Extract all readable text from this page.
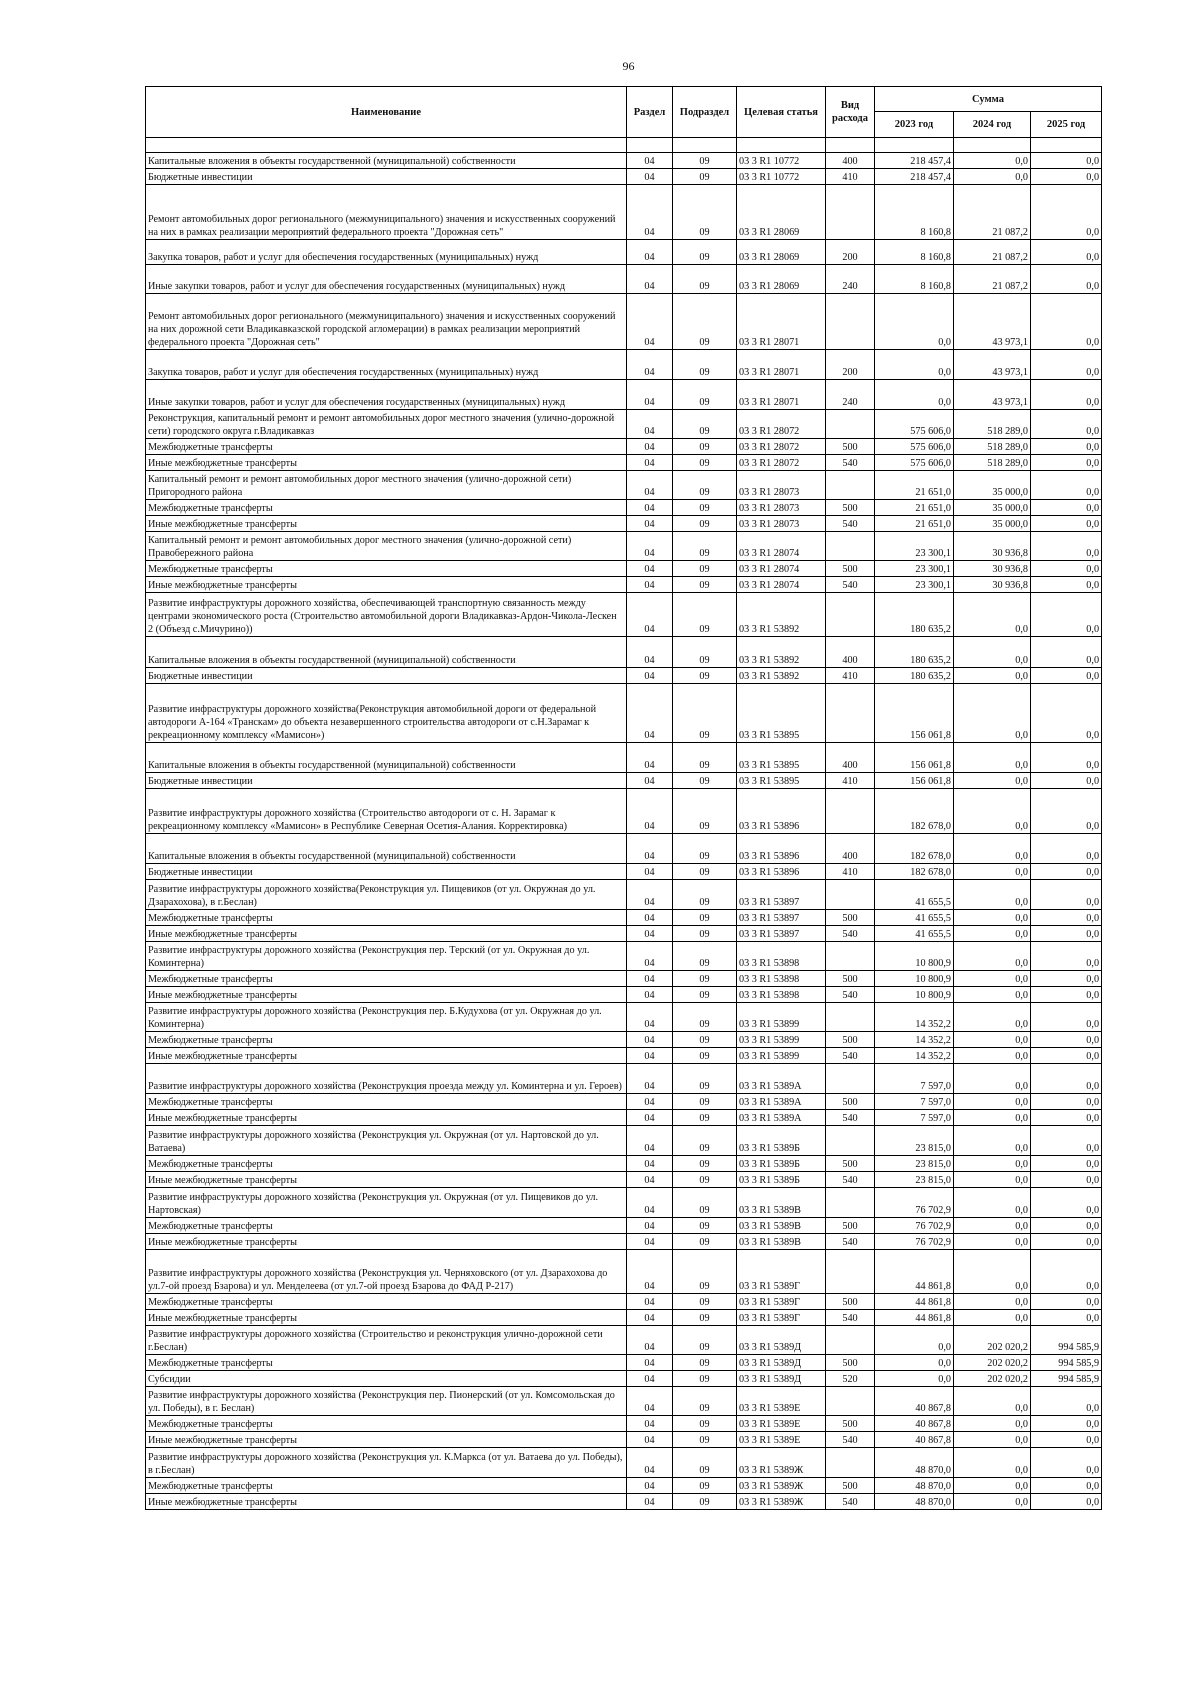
96
Наименование	Раздел	Подраздел	Целевая статья	Вид расхода	Сумма		
					2023 год	2024 год	2025 год

Капитальные вложения в объекты государственной (муниципальной) собственности	04	09	03 3 R1 10772	400	218 457,4	0,0	0,0
Бюджетные инвестиции	04	09	03 3 R1 10772	410	218 457,4	0,0	0,0
Ремонт автомобильных дорог регионального (межмуниципального) значения и искусственных сооружений на них в рамках реализации мероприятий федерального проекта "Дорожная сеть"	04	09	03 3 R1 28069		8 160,8	21 087,2	0,0
Закупка товаров, работ и услуг для обеспечения государственных (муниципальных) нужд	04	09	03 3 R1 28069	200	8 160,8	21 087,2	0,0
Иные закупки товаров, работ и услуг для обеспечения государственных (муниципальных) нужд	04	09	03 3 R1 28069	240	8 160,8	21 087,2	0,0
Ремонт автомобильных дорог регионального (межмуниципального) значения и искусственных сооружений на них дорожной сети Владикавказской городской агломерации) в рамках реализации мероприятий федерального проекта "Дорожная сеть"	04	09	03 3 R1 28071		0,0	43 973,1	0,0
Закупка товаров, работ и услуг для обеспечения государственных (муниципальных) нужд	04	09	03 3 R1 28071	200	0,0	43 973,1	0,0
Иные закупки товаров, работ и услуг для обеспечения государственных (муниципальных) нужд	04	09	03 3 R1 28071	240	0,0	43 973,1	0,0
Реконструкция, капитальный ремонт и ремонт автомобильных дорог местного значения (улично-дорожной сети) городского округа г.Владикавказ	04	09	03 3 R1 28072		575 606,0	518 289,0	0,0
Межбюджетные трансферты	04	09	03 3 R1 28072	500	575 606,0	518 289,0	0,0
Иные межбюджетные трансферты	04	09	03 3 R1 28072	540	575 606,0	518 289,0	0,0
Капитальный ремонт и ремонт автомобильных дорог местного значения (улично-дорожной сети) Пригородного района	04	09	03 3 R1 28073		21 651,0	35 000,0	0,0
Межбюджетные трансферты	04	09	03 3 R1 28073	500	21 651,0	35 000,0	0,0
Иные межбюджетные трансферты	04	09	03 3 R1 28073	540	21 651,0	35 000,0	0,0
Капитальный ремонт и ремонт автомобильных дорог местного значения (улично-дорожной сети) Правобережного района	04	09	03 3 R1 28074		23 300,1	30 936,8	0,0
Межбюджетные трансферты	04	09	03 3 R1 28074	500	23 300,1	30 936,8	0,0
Иные межбюджетные трансферты	04	09	03 3 R1 28074	540	23 300,1	30 936,8	0,0
Развитие инфраструктуры дорожного хозяйства, обеспечивающей транспортную связанность между центрами экономического роста (Строительство автомобильной дороги Владикавказ-Ардон-Чикола-Лескен 2 (Объезд с.Мичурино))	04	09	03 3 R1 53892		180 635,2	0,0	0,0
Капитальные вложения в объекты государственной (муниципальной) собственности	04	09	03 3 R1 53892	400	180 635,2	0,0	0,0
Бюджетные инвестиции	04	09	03 3 R1 53892	410	180 635,2	0,0	0,0
Развитие инфраструктуры дорожного хозяйства(Реконструкция автомобильной дороги от федеральной автодороги А-164 «Транскам» до объекта незавершенного строительства автодороги от с.Н.Зарамаг к рекреационному комплексу «Мамисон»)	04	09	03 3 R1 53895		156 061,8	0,0	0,0
Капитальные вложения в объекты государственной (муниципальной) собственности	04	09	03 3 R1 53895	400	156 061,8	0,0	0,0
Бюджетные инвестиции	04	09	03 3 R1 53895	410	156 061,8	0,0	0,0
Развитие инфраструктуры дорожного хозяйства (Строительство автодороги от с. Н. Зарамаг к рекреационному комплексу «Мамисон» в Республике Северная Осетия-Алания. Корректировка)	04	09	03 3 R1 53896		182 678,0	0,0	0,0
Капитальные вложения в объекты государственной (муниципальной) собственности	04	09	03 3 R1 53896	400	182 678,0	0,0	0,0
Бюджетные инвестиции	04	09	03 3 R1 53896	410	182 678,0	0,0	0,0
Развитие инфраструктуры дорожного хозяйства(Реконструкция ул. Пищевиков (от ул. Окружная до ул. Дзарахохова), в г.Беслан)	04	09	03 3 R1 53897		41 655,5	0,0	0,0
Межбюджетные трансферты	04	09	03 3 R1 53897	500	41 655,5	0,0	0,0
Иные межбюджетные трансферты	04	09	03 3 R1 53897	540	41 655,5	0,0	0,0
Развитие инфраструктуры дорожного хозяйства (Реконструкция пер. Терский (от ул. Окружная до ул. Коминтерна)	04	09	03 3 R1 53898		10 800,9	0,0	0,0
Межбюджетные трансферты	04	09	03 3 R1 53898	500	10 800,9	0,0	0,0
Иные межбюджетные трансферты	04	09	03 3 R1 53898	540	10 800,9	0,0	0,0
Развитие инфраструктуры дорожного хозяйства (Реконструкция пер. Б.Кудухова (от ул. Окружная до ул. Коминтерна)	04	09	03 3 R1 53899		14 352,2	0,0	0,0
Межбюджетные трансферты	04	09	03 3 R1 53899	500	14 352,2	0,0	0,0
Иные межбюджетные трансферты	04	09	03 3 R1 53899	540	14 352,2	0,0	0,0
Развитие инфраструктуры дорожного хозяйства (Реконструкция проезда между ул. Коминтерна и ул. Героев)	04	09	03 3 R1 5389А		7 597,0	0,0	0,0
Межбюджетные трансферты	04	09	03 3 R1 5389А	500	7 597,0	0,0	0,0
Иные межбюджетные трансферты	04	09	03 3 R1 5389А	540	7 597,0	0,0	0,0
Развитие инфраструктуры дорожного хозяйства (Реконструкция ул. Окружная (от ул. Нартовской до ул. Ватаева)	04	09	03 3 R1 5389Б		23 815,0	0,0	0,0
Межбюджетные трансферты	04	09	03 3 R1 5389Б	500	23 815,0	0,0	0,0
Иные межбюджетные трансферты	04	09	03 3 R1 5389Б	540	23 815,0	0,0	0,0
Развитие инфраструктуры дорожного хозяйства (Реконструкция ул. Окружная (от ул. Пищевиков до ул. Нартовская)	04	09	03 3 R1 5389В		76 702,9	0,0	0,0
Межбюджетные трансферты	04	09	03 3 R1 5389В	500	76 702,9	0,0	0,0
Иные межбюджетные трансферты	04	09	03 3 R1 5389В	540	76 702,9	0,0	0,0
Развитие инфраструктуры дорожного хозяйства (Реконструкция ул. Черняховского (от ул. Дзарахохова до ул.7-ой проезд Бзарова) и ул. Менделеева (от ул.7-ой проезд Бзарова до ФАД Р-217)	04	09	03 3 R1 5389Г		44 861,8	0,0	0,0
Межбюджетные трансферты	04	09	03 3 R1 5389Г	500	44 861,8	0,0	0,0
Иные межбюджетные трансферты	04	09	03 3 R1 5389Г	540	44 861,8	0,0	0,0
Развитие инфраструктуры дорожного хозяйства (Строительство и реконструкция улично-дорожной сети г.Беслан)	04	09	03 3 R1 5389Д		0,0	202 020,2	994 585,9
Межбюджетные трансферты	04	09	03 3 R1 5389Д	500	0,0	202 020,2	994 585,9
Субсидии	04	09	03 3 R1 5389Д	520	0,0	202 020,2	994 585,9
Развитие инфраструктуры дорожного хозяйства (Реконструкция пер. Пионерский (от ул. Комсомольская до ул. Победы), в г. Беслан)	04	09	03 3 R1 5389Е		40 867,8	0,0	0,0
Межбюджетные трансферты	04	09	03 3 R1 5389Е	500	40 867,8	0,0	0,0
Иные межбюджетные трансферты	04	09	03 3 R1 5389Е	540	40 867,8	0,0	0,0
Развитие инфраструктуры дорожного хозяйства (Реконструкция ул. К.Маркса (от ул. Ватаева до ул. Победы), в г.Беслан)	04	09	03 3 R1 5389Ж		48 870,0	0,0	0,0
Межбюджетные трансферты	04	09	03 3 R1 5389Ж	500	48 870,0	0,0	0,0
Иные межбюджетные трансферты	04	09	03 3 R1 5389Ж	540	48 870,0	0,0	0,0
